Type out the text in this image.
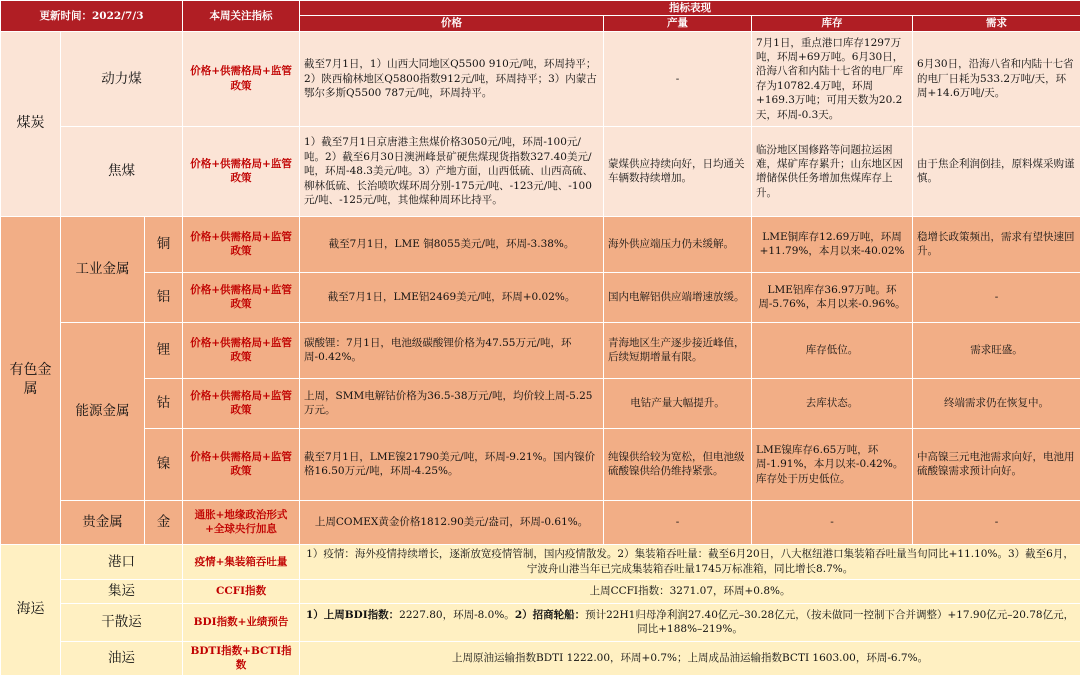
更新时间：2022/7/3			本周关注指标	指标表现			
				价格	产量	库存	需求
煤炭	动力煤		价格+供需格局+监管政策	截至7月1日，1）山西大同地区Q5500 910元/吨，环周持平；2）陕西榆林地区Q5800指数912元/吨，环周持平；3）内蒙古鄂尔多斯Q5500 787元/吨，环周持平。	-	7月1日，重点港口库存1297万吨，环周+69万吨。6月30日，沿海八省和内陆十七省的电厂库存为10782.4万吨，环周+169.3万吨；可用天数为20.2天，环周-0.3天。	6月30日，沿海八省和内陆十七省的电厂日耗为533.2万吨/天，环周+14.6万吨/天。
	焦煤		价格+供需格局+监管政策	1）截至7月1日京唐港主焦煤价格3050元/吨，环周-100元/吨。2）截至6月30日澳洲峰景矿硬焦煤现货指数327.40美元/吨，环周-48.3美元/吨。3）产地方面，山西低硫、山西高硫、柳林低硫、长治喷吹煤环周分别-175元/吨、-123元/吨、-100元/吨、-125元/吨，其他煤种周环比持平。	蒙煤供应持续向好，日均通关车辆数持续增加。	临汾地区国修路等问题拉运困难，煤矿库存累升；山东地区因增储保供任务增加焦煤库存上升。	由于焦企利润倒挂，原料煤采购谨慎。
有色金属	工业金属	铜	价格+供需格局+监管政策	截至7月1日，LME 铜8055美元/吨，环周-3.38%。	海外供应端压力仍未缓解。	LME铜库存12.69万吨，环周+11.79%，本月以来-40.02%	稳增长政策频出，需求有望快速回升。
		铝	价格+供需格局+监管政策	截至7月1日，LME铝2469美元/吨，环周+0.02%。	国内电解铝供应端增速放缓。	LME铝库存36.97万吨。环周-5.76%，本月以来-0.96%。	-
	能源金属	锂	价格+供需格局+监管政策	碳酸锂：7月1日，电池级碳酸锂价格为47.55万元/吨，环周-0.42%。	青海地区生产逐步接近峰值，后续短期增量有限。	库存低位。	需求旺盛。
		钴	价格+供需格局+监管政策	上周，SMM电解钴价格为36.5-38万元/吨，均价较上周-5.25万元。	电钴产量大幅提升。	去库状态。	终端需求仍在恢复中。
		镍	价格+供需格局+监管政策	截至7月1日，LME镍21790美元/吨，环周-9.21%。国内镍价格16.50万元/吨，环周-4.25%。	纯镍供给较为宽松，但电池级硫酸镍供给仍维持紧张。	LME镍库存6.65万吨，环周-1.91%，本月以来-0.42%。库存处于历史低位。	中高镍三元电池需求向好，电池用硫酸镍需求预计向好。
	贵金属	金	通胀+地缘政治形式+全球央行加息	上周COMEX黄金价格1812.90美元/盎司，环周-0.61%。	-	-	-
海运	港口		疫情+集装箱吞吐量	1）疫情：海外疫情持续增长，逐渐放宽疫情管制，国内疫情散发。2）集装箱吞吐量：截至6月20日，八大枢纽港口集装箱吞吐量当旬同比+11.10%。3）截至6月，宁波舟山港当年已完成集装箱吞吐量1745万标准箱，同比增长8.7%。			
	集运		CCFI指数	上周CCFI指数：3271.07，环周+0.8%。			
	干散运		BDI指数+业绩预告	1）上周BDI指数：2227.80，环周-8.0%。2）招商轮船：预计22H1归母净利润27.40亿元–30.28亿元，（按未做同一控制下合并调整）+17.90亿元–20.78亿元，同比+188%–219%。			
	油运		BDTI指数+BCTI指数	上周原油运输指数BDTI 1222.00，环周+0.7%；上周成品油运输指数BCTI 1603.00，环周-6.7%。			
